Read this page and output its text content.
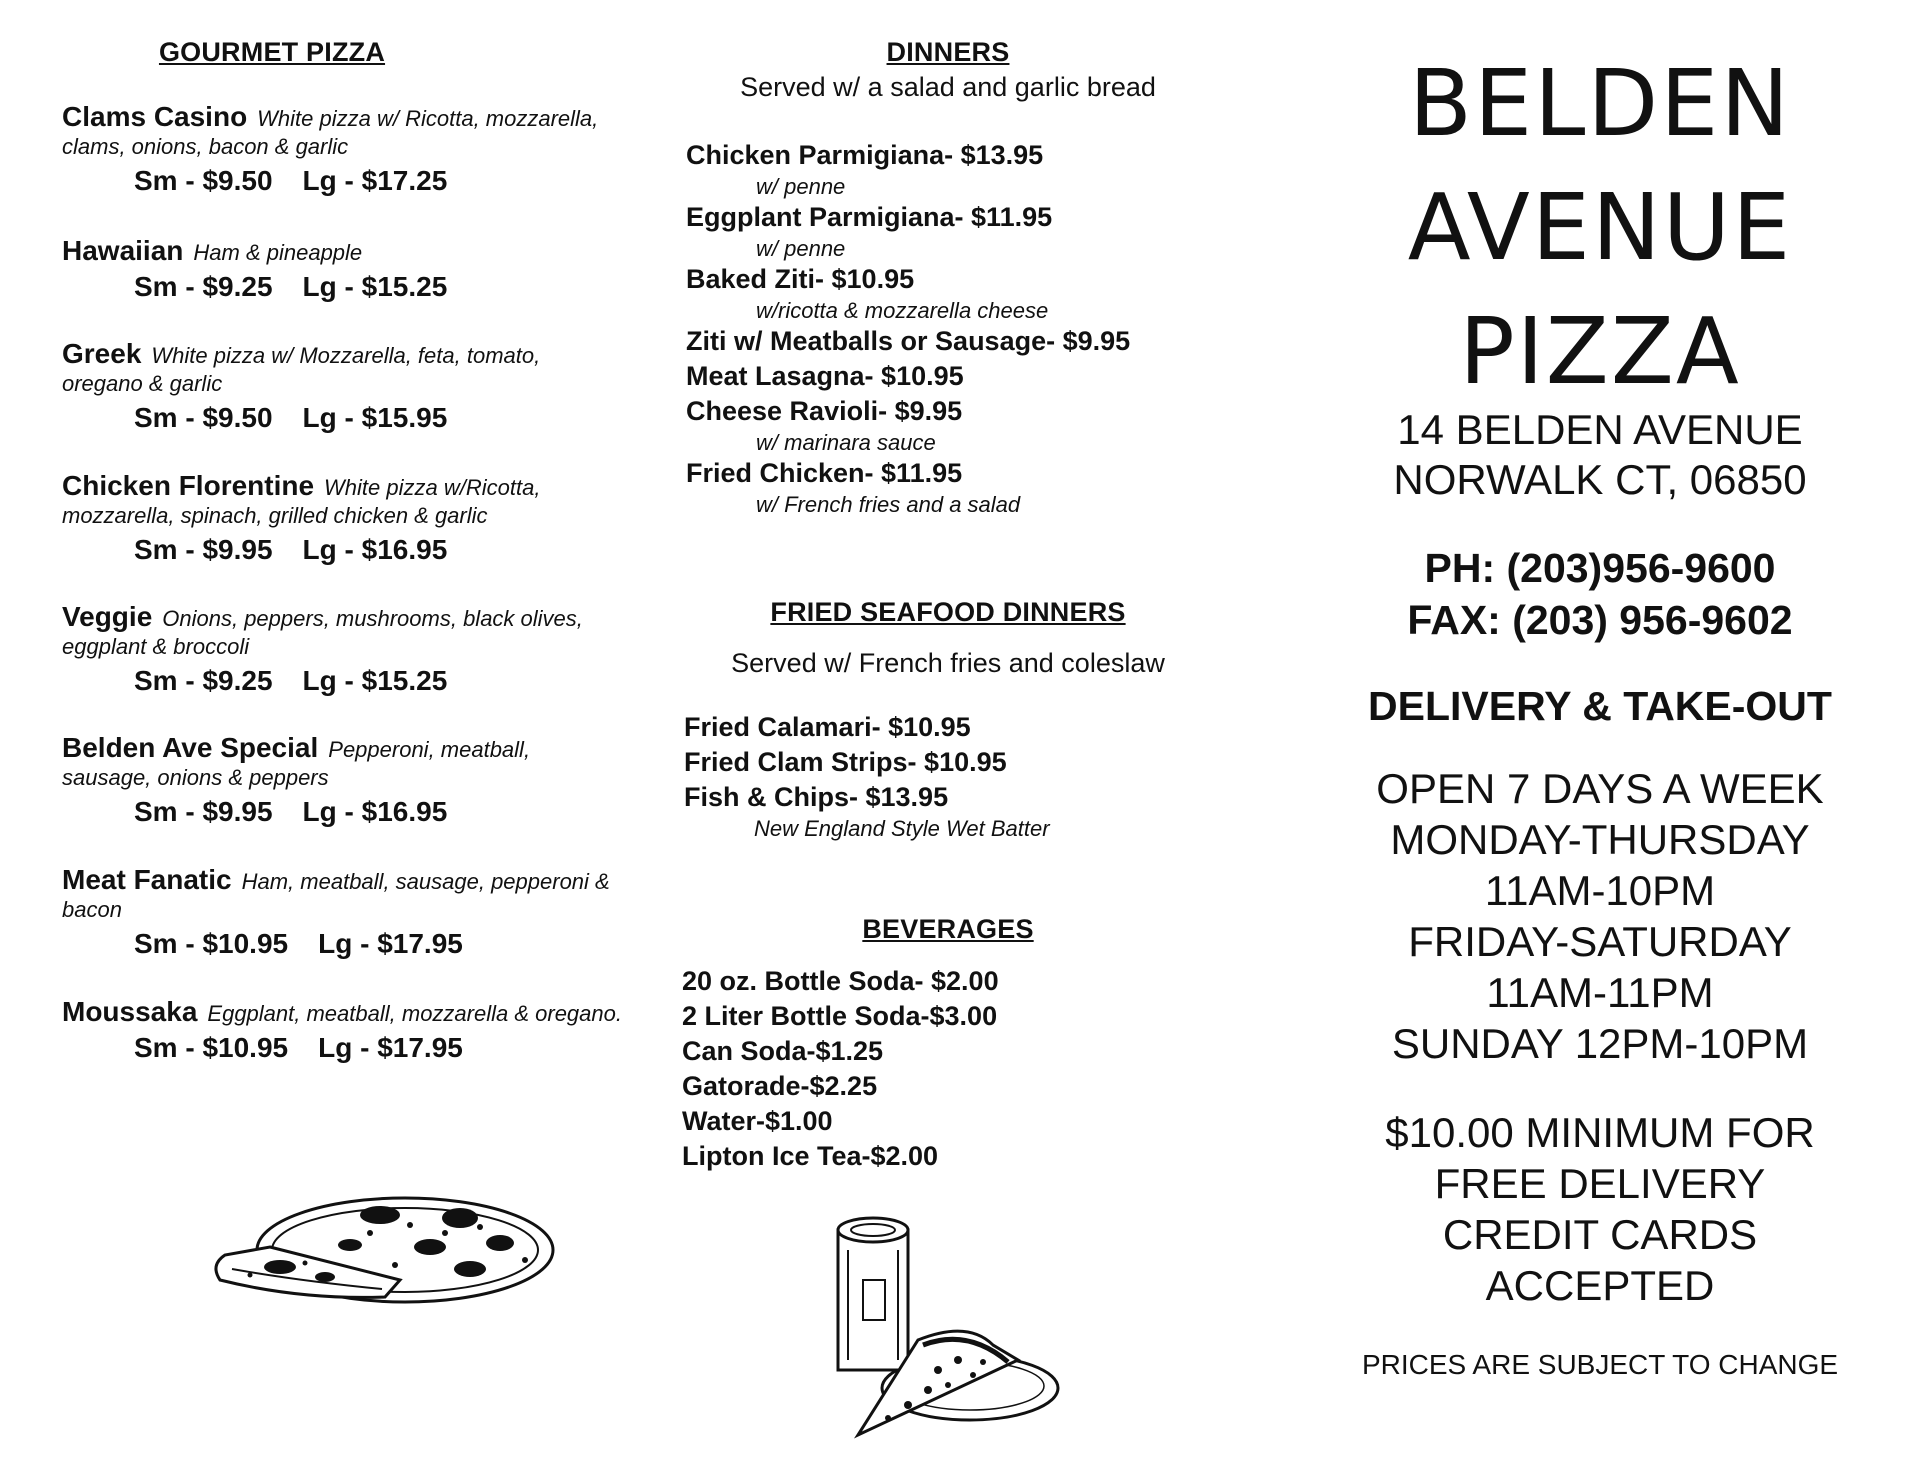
GOURMET PIZZA
Clams Casino White pizza w/ Ricotta, mozzarella, clams, onions, bacon & garlic
Sm - $9.50 Lg - $17.25
Hawaiian Ham & pineapple
Sm - $9.25 Lg - $15.25
Greek White pizza w/ Mozzarella, feta, tomato, oregano & garlic
Sm - $9.50 Lg - $15.95
Chicken Florentine White pizza w/Ricotta, mozzarella, spinach, grilled chicken & garlic
Sm - $9.95 Lg - $16.95
Veggie Onions, peppers, mushrooms, black olives, eggplant & broccoli
Sm - $9.25 Lg - $15.25
Belden Ave Special Pepperoni, meatball, sausage, onions & peppers
Sm - $9.95 Lg - $16.95
Meat Fanatic Ham, meatball, sausage, pepperoni & bacon
Sm - $10.95 Lg - $17.95
Moussaka Eggplant, meatball, mozzarella & oregano.
Sm - $10.95 Lg - $17.95
DINNERS
Served w/ a salad and garlic bread
Chicken Parmigiana- $13.95
w/ penne
Eggplant Parmigiana- $11.95
w/ penne
Baked Ziti- $10.95
w/ricotta & mozzarella cheese
Ziti w/ Meatballs or Sausage- $9.95
Meat Lasagna- $10.95
Cheese Ravioli- $9.95
w/ marinara sauce
Fried Chicken- $11.95
w/ French fries and a salad
FRIED SEAFOOD DINNERS
Served w/ French fries and coleslaw
Fried Calamari- $10.95
Fried Clam Strips- $10.95
Fish & Chips- $13.95
New England Style Wet Batter
BEVERAGES
20 oz. Bottle Soda- $2.00
2 Liter Bottle Soda-$3.00
Can Soda-$1.25
Gatorade-$2.25
Water-$1.00
Lipton Ice Tea-$2.00
BELDEN
AVENUE
PIZZA
14 BELDEN AVENUE
NORWALK CT, 06850
PH: (203)956-9600
FAX: (203) 956-9602
DELIVERY & TAKE-OUT
OPEN 7 DAYS A WEEK
MONDAY-THURSDAY
11AM-10PM
FRIDAY-SATURDAY
11AM-11PM
SUNDAY 12PM-10PM
$10.00 MINIMUM FOR
FREE DELIVERY
CREDIT CARDS
ACCEPTED
PRICES ARE SUBJECT TO CHANGE
